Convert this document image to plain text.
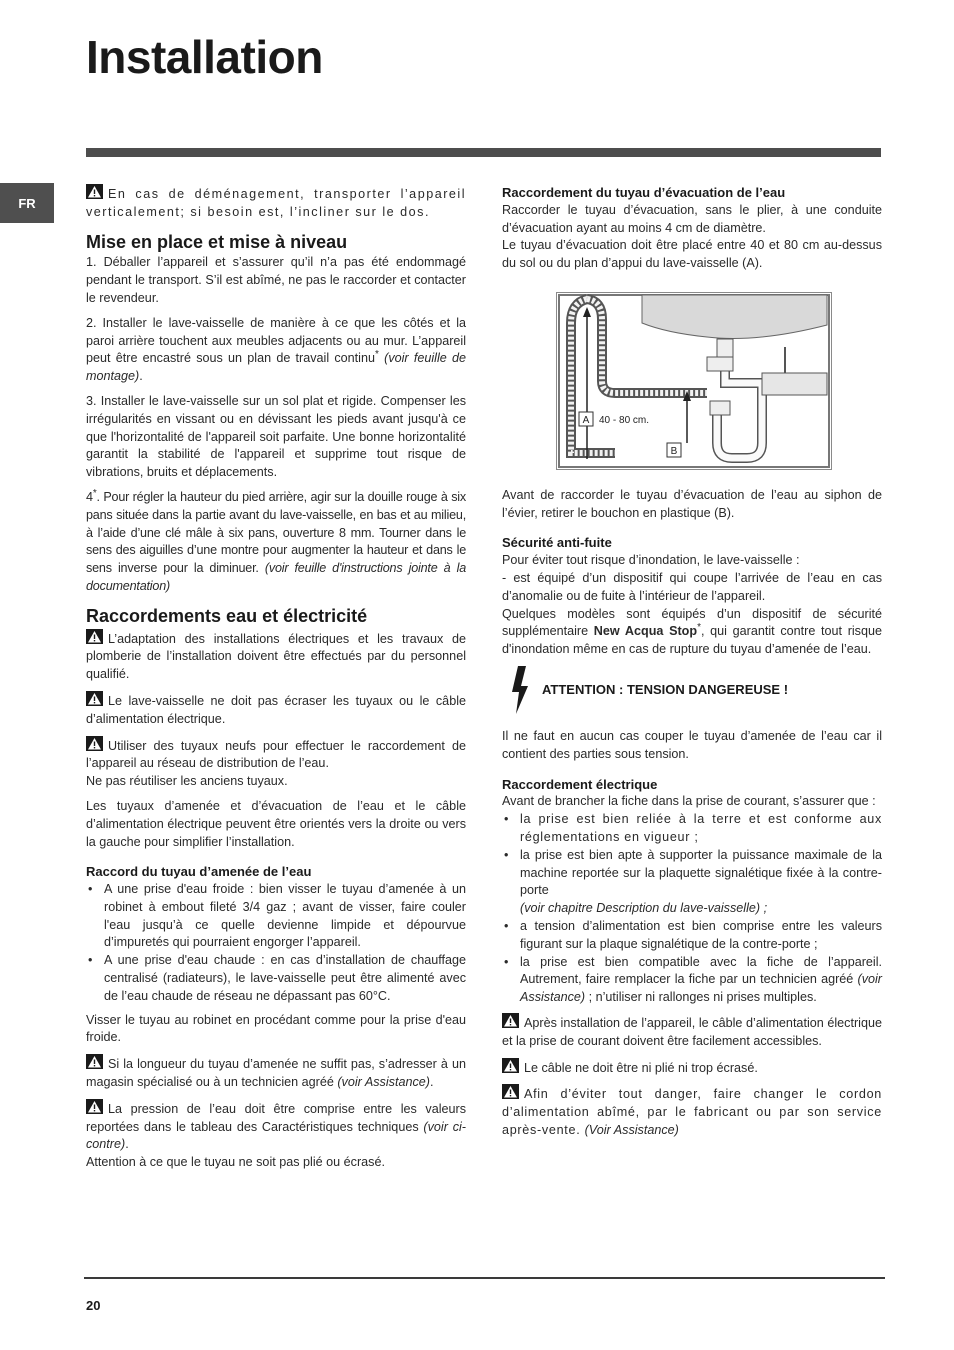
Installation
FR

En cas de déménagement, transporter l’appareil verticalement; si besoin est, l’incliner sur le dos.

Mise en place et mise à niveau

1. Déballer l’appareil et s’assurer qu’il n’a pas été endommagé pendant le transport. S’il est abîmé, ne pas le raccorder et contacter le revendeur.

2. Installer le lave-vaisselle de manière à ce que les côtés et la paroi arrière touchent aux meubles adjacents ou au mur. L’appareil peut être encastré sous un plan de travail continu* (voir feuille de montage).

3. Installer le lave-vaisselle sur un sol plat et rigide. Compenser les irrégularités en vissant ou en dévissant les pieds avant jusqu'à ce que l'horizontalité de l'appareil soit parfaite. Une bonne horizontalité garantit la stabilité de l'appareil et supprime tout risque de vibrations, bruits et déplacements.

4*. Pour régler la hauteur du pied arrière, agir sur la douille rouge à six pans située dans la partie avant du lave-vaisselle, en bas et au milieu, à l’aide d’une clé mâle à six pans, ouverture 8 mm. Tourner dans le sens des aiguilles d’une montre pour augmenter la hauteur et dans le sens inverse pour la diminuer. (voir feuille d'instructions jointe à la documentation)

Raccordements eau et électricité

L’adaptation des installations électriques et les travaux de plomberie de l’installation doivent être effectués par du personnel qualifié.

Le lave-vaisselle ne doit pas écraser les tuyaux ou le câble d’alimentation électrique.

Utiliser des tuyaux neufs pour effectuer le raccordement de l’appareil au réseau de distribution de l’eau.
Ne pas réutiliser les anciens tuyaux.

Les tuyaux d’amenée et d’évacuation de l’eau et le câble d’alimentation électrique peuvent être orientés vers la droite ou vers la gauche pour simplifier l’installation.

Raccord du tuyau d’amenée de l’eau
• A une prise d'eau froide : bien visser le tuyau d’amenée à un robinet à embout fileté 3/4 gaz ; avant de visser, faire couler l'eau jusqu’à ce quelle devienne limpide et dépourvue d’impuretés qui pourraient engorger l’appareil.
• A une prise d'eau chaude : en cas d’installation de chauffage centralisé (radiateurs), le lave-vaisselle peut être alimenté avec de l’eau chaude de réseau ne dépassant pas 60°C.

Visser le tuyau au robinet en procédant comme pour la prise d'eau froide.

Si la longueur du tuyau d’amenée ne suffit pas, s’adresser à un magasin spécialisé ou à un technicien agréé (voir Assistance).

La pression de l’eau doit être comprise entre les valeurs reportées dans le tableau des Caractéristiques techniques (voir ci-contre).

Attention à ce que le tuyau ne soit pas plié ou écrasé.

Raccordement du tuyau d’évacuation de l’eau

Raccorder le tuyau d’évacuation, sans le plier, à une conduite d’évacuation ayant au moins 4 cm de diamètre.

Le tuyau d’évacuation doit être placé entre 40 et 80 cm au-dessus du sol ou du plan d’appui du lave-vaisselle (A).

A 40 - 80 cm.
B

Avant de raccorder le tuyau d’évacuation de l’eau au siphon de l’évier, retirer le bouchon en plastique (B).

Sécurité anti-fuite

Pour éviter tout risque d’inondation, le lave-vaisselle :

- est équipé d’un dispositif qui coupe l’arrivée de l’eau en cas d’anomalie ou de fuite à l’intérieur de l’appareil.

Quelques modèles sont équipés d’un dispositif de sécurité supplémentaire New Acqua Stop*, qui garantit contre tout risque d'inondation même en cas de rupture du tuyau d’amenée de l’eau.

ATTENTION : TENSION DANGEREUSE !

Il ne faut en aucun cas couper le tuyau d’amenée de l’eau car il contient des parties sous tension.

Raccordement électrique

Avant de brancher la fiche dans la prise de courant, s’assurer que :

• la prise est bien reliée à la terre et est conforme aux réglementations en vigueur ;
• la prise est bien apte à supporter la puissance maximale de la machine reportée sur la plaquette signalétique fixée à la contre-porte
(voir chapitre Description du lave-vaisselle) ;
• a tension d’alimentation est bien comprise entre les valeurs figurant sur la plaque signalétique de la contre-porte ;
• la prise est bien compatible avec la fiche de l’appareil. Autrement, faire remplacer la fiche par un technicien agréé (voir Assistance) ; n’utiliser ni rallonges ni prises multiples.

Après installation de l’appareil, le câble d’alimentation électrique et la prise de courant doivent être facilement accessibles.

Le câble ne doit être ni plié ni trop écrasé.

Afin d’éviter tout danger, faire changer le cordon d’alimentation abîmé, par le fabricant ou par son service après-vente. (Voir Assistance)

20
